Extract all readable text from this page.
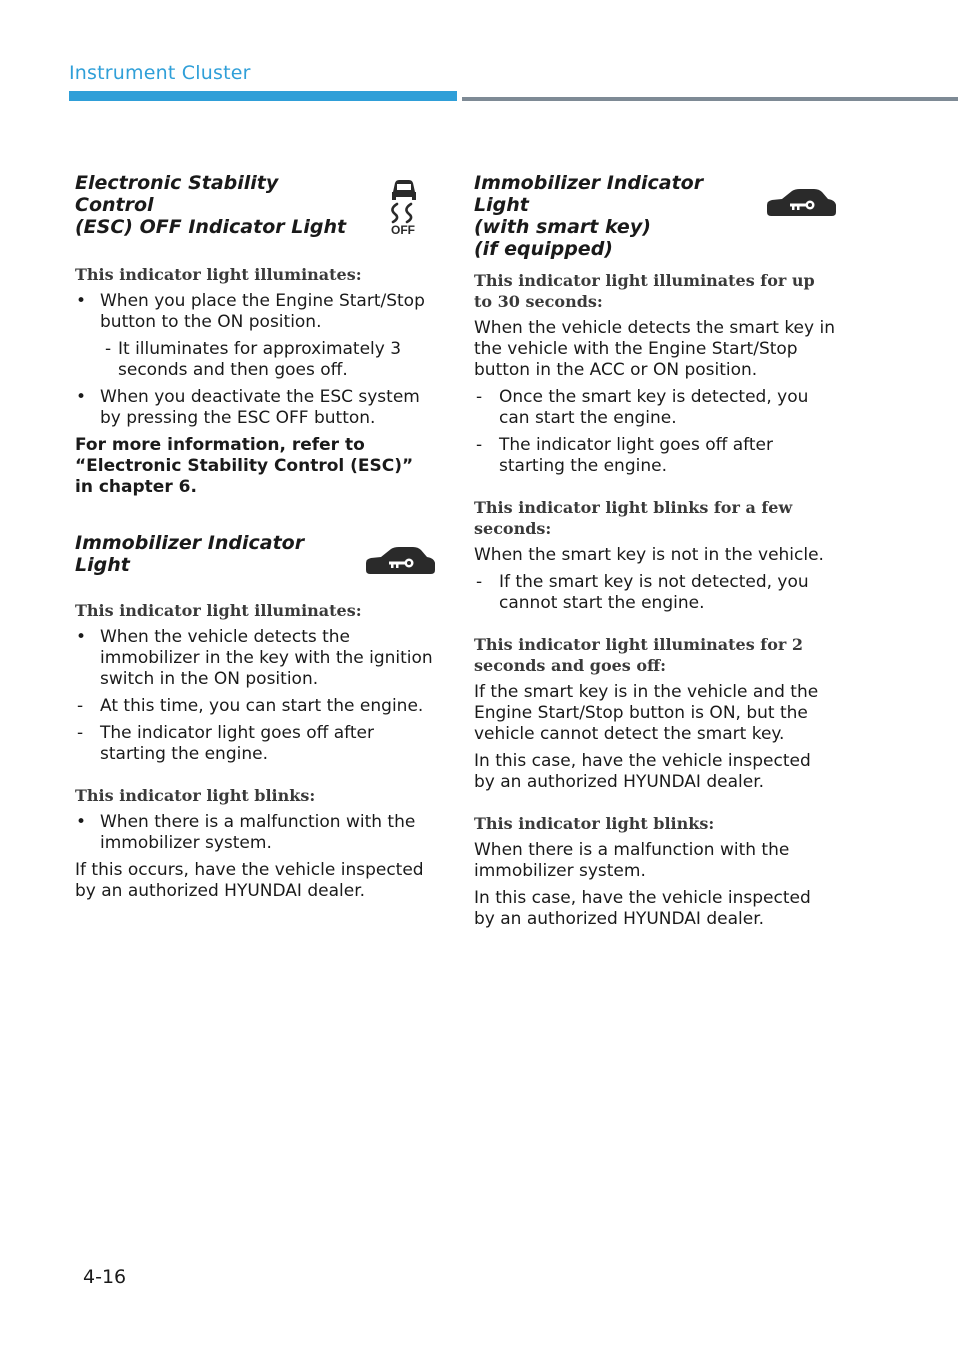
Instrument Cluster
Electronic Stability Control
(ESC) OFF Indicator Light	OFF
This indicator light illuminates:
• When you place the Engine Start/Stop button to the ON position.
- It illuminates for approximately 3 seconds and then goes off.
• When you deactivate the ESC system by pressing the ESC OFF button.

For more information, refer to “Electronic Stability Control (ESC)” in chapter 6.

Immobilizer Indicator Light
This indicator light illuminates:
• When the vehicle detects the immobilizer in the key with the ignition switch in the ON position.
- At this time, you can start the engine.
- The indicator light goes off after starting the engine.
This indicator light blinks:
• When there is a malfunction with the immobilizer system.

If this occurs, have the vehicle inspected by an authorized HYUNDAI dealer.

Immobilizer Indicator Light
(with smart key)
(if equipped)
This indicator light illuminates for up to 30 seconds:

When the vehicle detects the smart key in the vehicle with the Engine Start/Stop button in the ACC or ON position.

- Once the smart key is detected, you can start the engine.
- The indicator light goes off after starting the engine.
This indicator light blinks for a few seconds:

When the smart key is not in the vehicle.

- If the smart key is not detected, you cannot start the engine.
This indicator light illuminates for 2 seconds and goes off:

If the smart key is in the vehicle and the Engine Start/Stop button is ON, but the vehicle cannot detect the smart key.

In this case, have the vehicle inspected by an authorized HYUNDAI dealer.

This indicator light blinks:

When there is a malfunction with the immobilizer system.

In this case, have the vehicle inspected by an authorized HYUNDAI dealer.

4-16
